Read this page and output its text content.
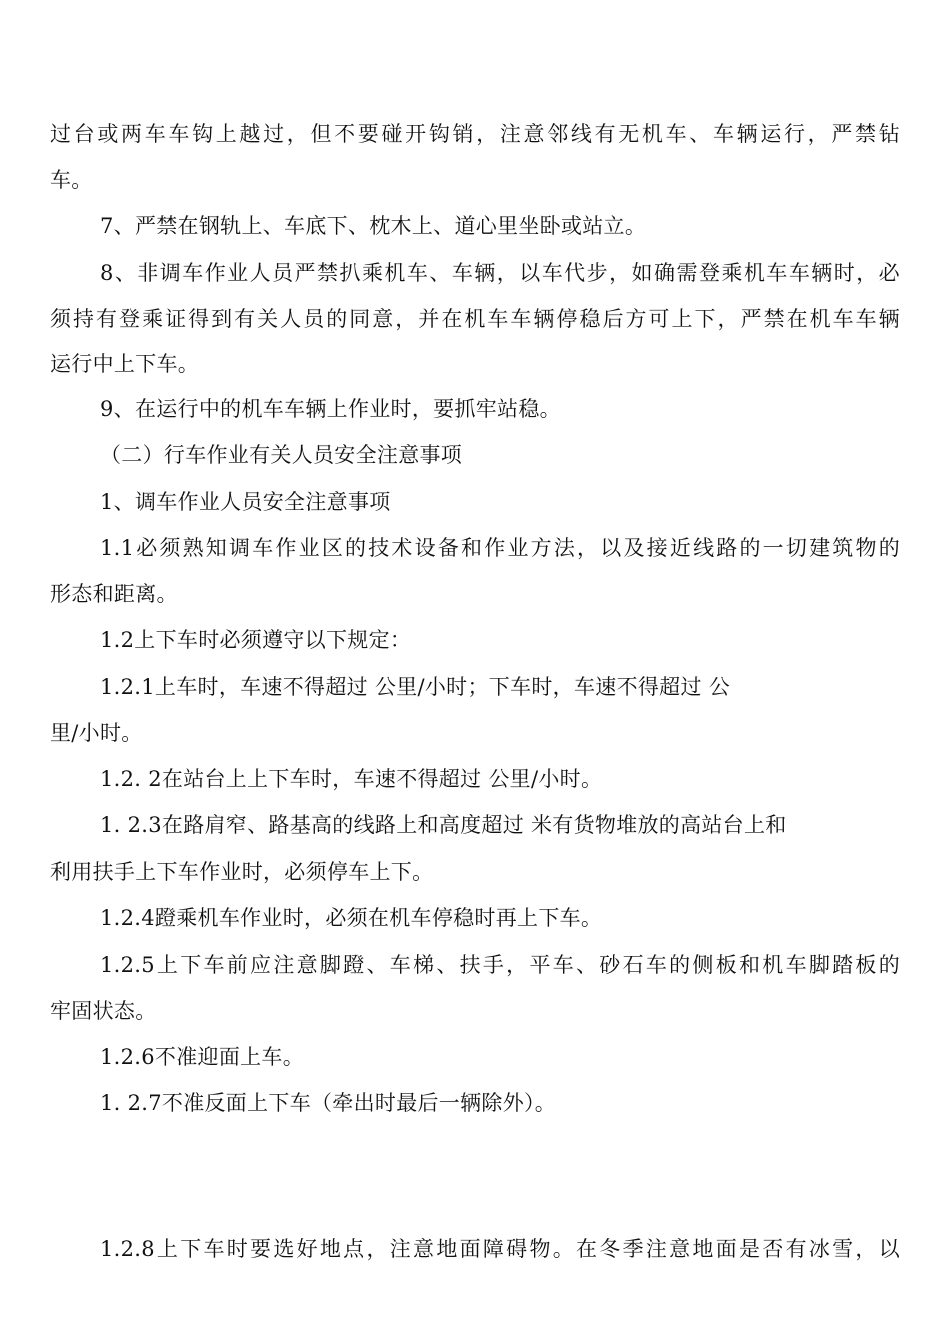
过台或两车车钩上越过，但不要碰开钩销，注意邻线有无机车、车辆运行，严禁钻
车。
7、严禁在钢轨上、车底下、枕木上、道心里坐卧或站立。
8、非调车作业人员严禁扒乘机车、车辆，以车代步，如确需登乘机车车辆时，必
须持有登乘证得到有关人员的同意，并在机车车辆停稳后方可上下，严禁在机车车辆
运行中上下车。
9、在运行中的机车车辆上作业时，要抓牢站稳。
（二）行车作业有关人员安全注意事项
1、调车作业人员安全注意事项
1.1必须熟知调车作业区的技术设备和作业方法，以及接近线路的一切建筑物的
形态和距离。
1.2上下车时必须遵守以下规定：
1.2.1上车时，车速不得超过 公里/小时；下车时，车速不得超过 公
里/小时。
1.2. 2在站台上上下车时，车速不得超过 公里/小时。
1. 2.3在路肩窄、路基高的线路上和高度超过 米有货物堆放的高站台上和
利用扶手上下车作业时，必须停车上下。
1.2.4蹬乘机车作业时，必须在机车停稳时再上下车。
1.2.5上下车前应注意脚蹬、车梯、扶手，平车、砂石车的侧板和机车脚踏板的
牢固状态。
1.2.6不准迎面上车。
1. 2.7不准反面上下车（牵出时最后一辆除外）。
1.2.8上下车时要选好地点，注意地面障碍物。在冬季注意地面是否有冰雪，以
